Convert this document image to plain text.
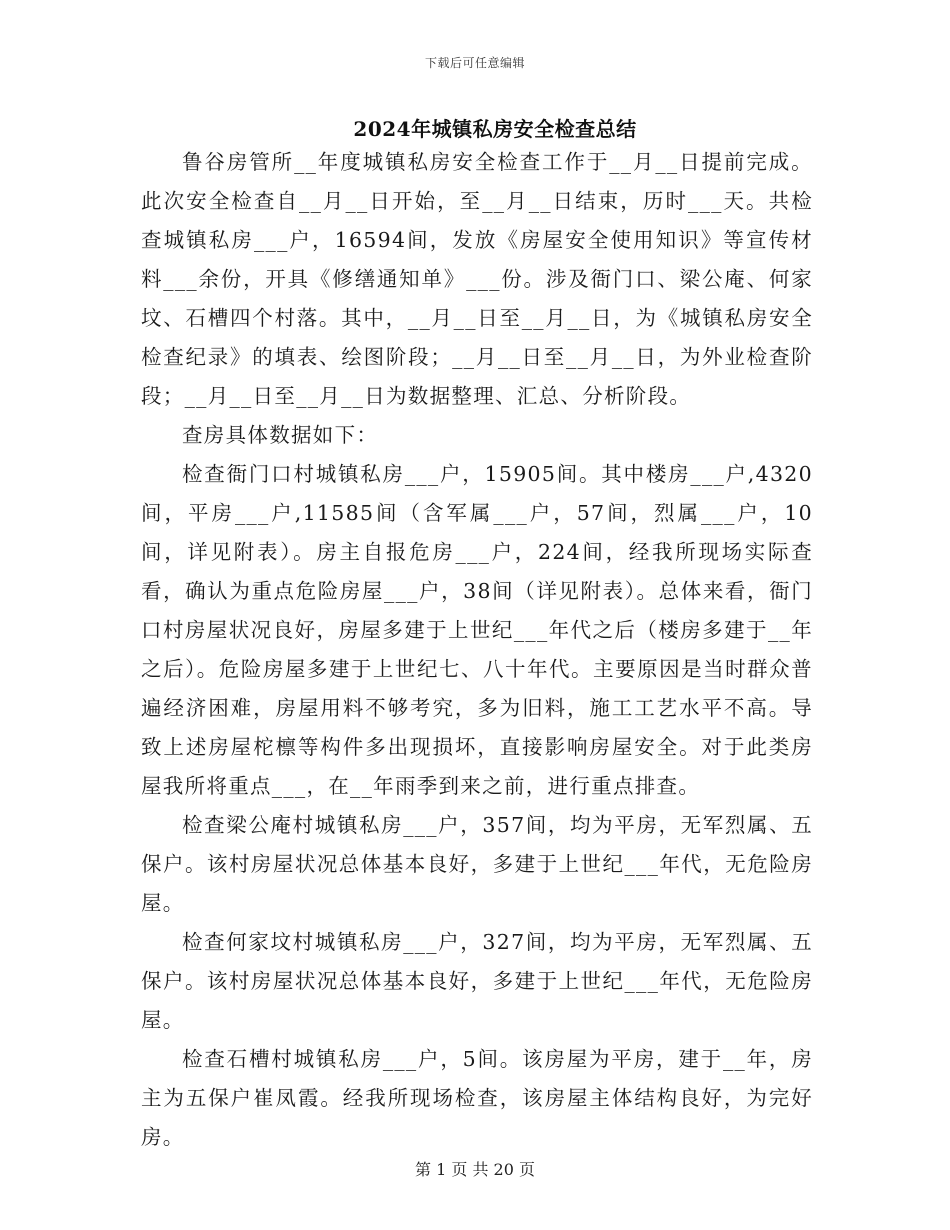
下载后可任意编辑
2024年城镇私房安全检查总结

鲁谷房管所__年度城镇私房安全检查工作于__月__日提前完成。此次安全检查自__月__日开始，至__月__日结束，历时___天。共检查城镇私房___户，16594间，发放《房屋安全使用知识》等宣传材料___余份，开具《修缮通知单》___份。涉及衙门口、梁公庵、何家坟、石槽四个村落。其中，__月__日至__月__日，为《城镇私房安全检查纪录》的填表、绘图阶段；__月__日至__月__日，为外业检查阶段；__月__日至__月__日为数据整理、汇总、分析阶段。

查房具体数据如下：

检查衙门口村城镇私房___户，15905间。其中楼房___户,4320间，平房___户,11585间（含军属___户，57间，烈属___户，10间，详见附表）。房主自报危房___户，224间，经我所现场实际查看，确认为重点危险房屋___户，38间（详见附表）。总体来看，衙门口村房屋状况良好，房屋多建于上世纪___年代之后（楼房多建于__年之后）。危险房屋多建于上世纪七、八十年代。主要原因是当时群众普遍经济困难，房屋用料不够考究，多为旧料，施工工艺水平不高。导致上述房屋柁檩等构件多出现损坏，直接影响房屋安全。对于此类房屋我所将重点___，在__年雨季到来之前，进行重点排查。

检查梁公庵村城镇私房___户，357间，均为平房，无军烈属、五保户。该村房屋状况总体基本良好，多建于上世纪___年代，无危险房屋。

检查何家坟村城镇私房___户，327间，均为平房，无军烈属、五保户。该村房屋状况总体基本良好，多建于上世纪___年代，无危险房屋。

检查石槽村城镇私房___户，5间。该房屋为平房，建于__年，房主为五保户崔凤霞。经我所现场检查，该房屋主体结构良好，为完好房。

第 1 页 共 20 页
